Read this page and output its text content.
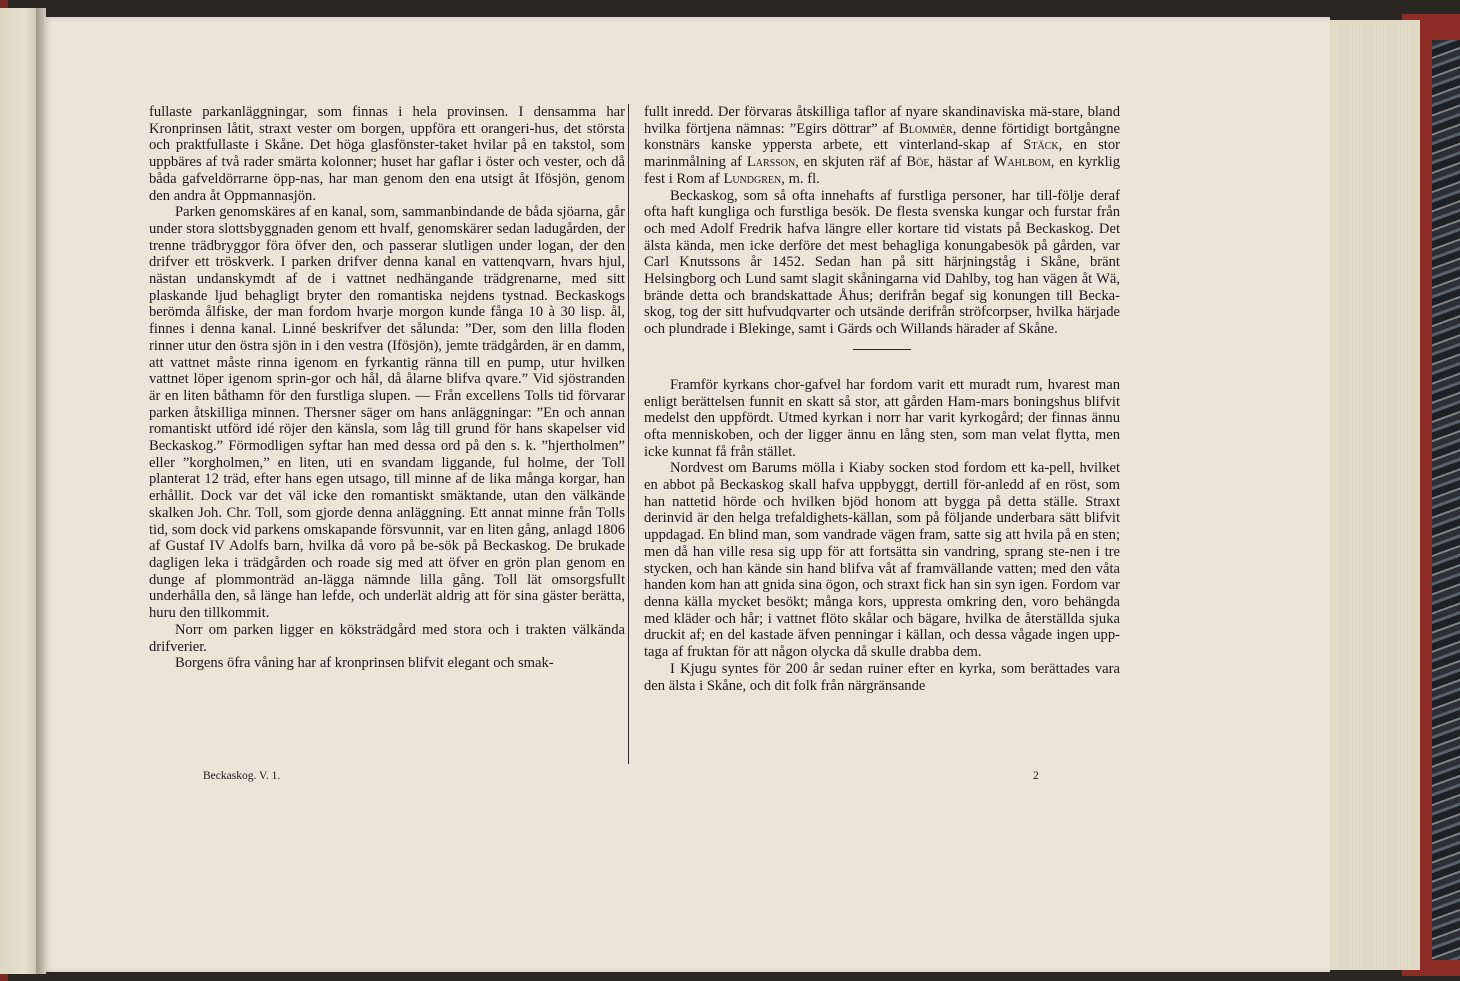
fullaste parkanläggningar, som finnas i hela provinsen. I densamma har Kronprinsen låtit, straxt vester om borgen, uppföra ett orangeri-hus, det största och praktfullaste i Skåne. Det höga glasfönster-taket hvilar på en takstol, som uppbäres af två rader smärta kolonner; huset har gaflar i öster och vester, och då båda gafveldörrarne öpp-nas, har man genom den ena utsigt åt Ifösjön, genom den andra åt Oppmannasjön.

Parken genomskäres af en kanal, som, sammanbindande de båda sjöarna, går under stora slottsbyggnaden genom ett hvalf, genomskärer sedan ladugården, der trenne trädbryggor föra öfver den, och passerar slutligen under logan, der den drifver ett tröskverk. I parken drifver denna kanal en vattenqvarn, hvars hjul, nästan undanskymdt af de i vattnet nedhängande trädgrenarne, med sitt plaskande ljud behagligt bryter den romantiska nejdens tystnad. Beckaskogs berömda ålfiske, der man fordom hvarje morgon kunde fånga 10 à 30 lisp. ål, finnes i denna kanal. Linné beskrifver det sålunda: ”Der, som den lilla floden rinner utur den östra sjön in i den vestra (Ifösjön), jemte trädgården, är en damm, att vattnet måste rinna igenom en fyrkantig ränna till en pump, utur hvilken vattnet löper igenom sprin-gor och hål, då ålarne blifva qvare.” Vid sjöstranden är en liten båthamn för den furstliga slupen. — Från excellens Tolls tid förvarar parken åtskilliga minnen. Thersner säger om hans anläggningar: ”En och annan romantiskt utförd idé röjer den känsla, som låg till grund för hans skapelser vid Beckaskog.” Förmodligen syftar han med dessa ord på den s. k. ”hjertholmen” eller ”korgholmen,” en liten, uti en svandam liggande, ful holme, der Toll planterat 12 träd, efter hans egen utsago, till minne af de lika många korgar, han erhållit. Dock var det väl icke den romantiskt smäktande, utan den välkände skalken Joh. Chr. Toll, som gjorde denna anläggning. Ett annat minne från Tolls tid, som dock vid parkens omskapande försvunnit, var en liten gång, anlagd 1806 af Gustaf IV Adolfs barn, hvilka då voro på be-sök på Beckaskog. De brukade dagligen leka i trädgården och roade sig med att öfver en grön plan genom en dunge af plommonträd an-lägga nämnde lilla gång. Toll lät omsorgsfullt underhålla den, så länge han lefde, och underlät aldrig att för sina gäster berätta, huru den tillkommit.

Norr om parken ligger en köksträdgård med stora och i trakten välkända drifverier.

Borgens öfra våning har af kronprinsen blifvit elegant och smak-

fullt inredd. Der förvaras åtskilliga taflor af nyare skandinaviska mä-stare, bland hvilka förtjena nämnas: ”Egirs döttrar” af Blommér, denne förtidigt bortgångne konstnärs kanske yppersta arbete, ett vinterland-skap af Stäck, en stor marinmålning af Larsson, en skjuten räf af Böe, hästar af Wahlbom, en kyrklig fest i Rom af Lundgren, m. fl.

Beckaskog, som så ofta innehafts af furstliga personer, har till-följe deraf ofta haft kungliga och furstliga besök. De flesta svenska kungar och furstar från och med Adolf Fredrik hafva längre eller kortare tid vistats på Beckaskog. Det älsta kända, men icke derföre det mest behagliga konungabesök på gården, var Carl Knutssons år 1452. Sedan han på sitt härjningståg i Skåne, bränt Helsingborg och Lund samt slagit skåningarna vid Dahlby, tog han vägen åt Wä, brände detta och brandskattade Åhus; derifrån begaf sig konungen till Becka-skog, tog der sitt hufvudqvarter och utsände derifrån ströfcorpser, hvilka härjade och plundrade i Blekinge, samt i Gärds och Willands härader af Skåne.

Framför kyrkans chor-gafvel har fordom varit ett muradt rum, hvarest man enligt berättelsen funnit en skatt så stor, att gården Ham-mars boningshus blifvit medelst den uppfördt. Utmed kyrkan i norr har varit kyrkogård; der finnas ännu ofta menniskoben, och der ligger ännu en lång sten, som man velat flytta, men icke kunnat få från stället.

Nordvest om Barums mölla i Kiaby socken stod fordom ett ka-pell, hvilket en abbot på Beckaskog skall hafva uppbyggt, dertill för-anledd af en röst, som han nattetid hörde och hvilken bjöd honom att bygga på detta ställe. Straxt derinvid är den helga trefaldighets-källan, som på följande underbara sätt blifvit uppdagad. En blind man, som vandrade vägen fram, satte sig att hvila på en sten; men då han ville resa sig upp för att fortsätta sin vandring, sprang ste-nen i tre stycken, och han kände sin hand blifva våt af framvällande vatten; med den våta handen kom han att gnida sina ögon, och straxt fick han sin syn igen. Fordom var denna källa mycket besökt; många kors, uppresta omkring den, voro behängda med kläder och hår; i vattnet flöto skålar och bägare, hvilka de återställda sjuka druckit af; en del kastade äfven penningar i källan, och dessa vågade ingen upp-taga af fruktan för att någon olycka då skulle drabba dem.

I Kjugu syntes för 200 år sedan ruiner efter en kyrka, som berättades vara den älsta i Skåne, och dit folk från närgränsande

Beckaskog. V. 1.	2
